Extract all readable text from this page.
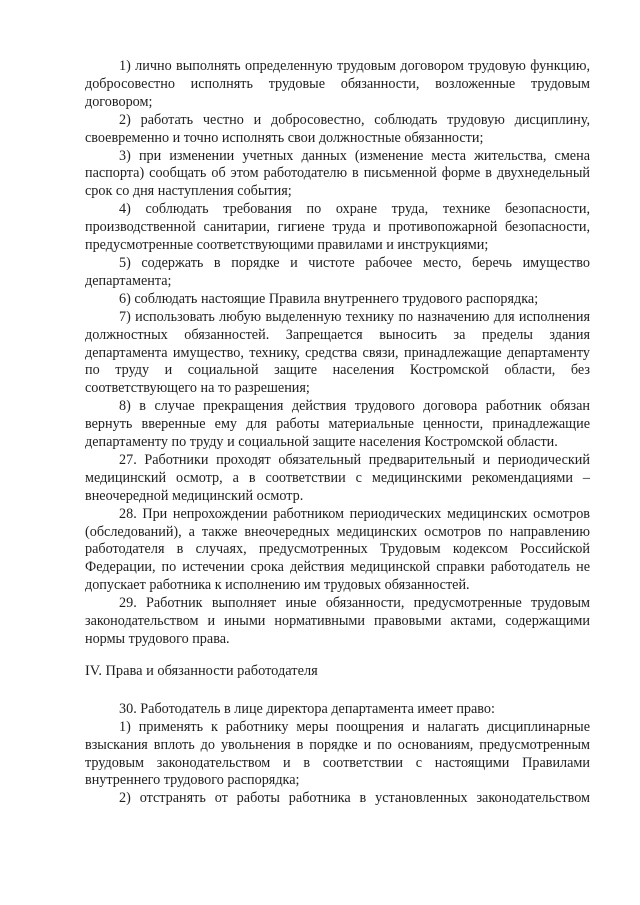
1) лично выполнять определенную трудовым договором трудовую функцию, добросовестно исполнять трудовые обязанности, возложенные трудовым договором;

2) работать честно и добросовестно, соблюдать трудовую дисциплину, своевременно и точно исполнять свои должностные обязанности;

3) при изменении учетных данных (изменение места жительства, смена паспорта) сообщать об этом работодателю в письменной форме в двухнедельный срок со дня наступления события;

4) соблюдать требования по охране труда, технике безопасности, производственной санитарии, гигиене труда и противопожарной безопасности, предусмотренные соответствующими правилами и инструкциями;

5) содержать в порядке и чистоте рабочее место, беречь имущество департамента;

6) соблюдать настоящие Правила внутреннего трудового распорядка;

7) использовать любую выделенную технику по назначению для исполнения должностных обязанностей. Запрещается выносить за пределы здания департамента имущество, технику, средства связи, принадлежащие департаменту по труду и социальной защите населения Костромской области, без соответствующего на то разрешения;

8) в случае прекращения действия трудового договора работник обязан вернуть вверенные ему для работы материальные ценности, принадлежащие департаменту по труду и социальной защите населения Костромской области.

27. Работники проходят обязательный предварительный и периодический медицинский осмотр, а в соответствии с медицинскими рекомендациями – внеочередной медицинский осмотр.

28. При непрохождении работником периодических медицинских осмотров (обследований), а также внеочередных медицинских осмотров по направлению работодателя в случаях, предусмотренных Трудовым кодексом Российской Федерации, по истечении срока действия медицинской справки работодатель не допускает работника к исполнению им трудовых обязанностей.

29. Работник выполняет иные обязанности, предусмотренные трудовым законодательством и иными нормативными правовыми актами, содержащими нормы трудового права.

IV. Права и обязанности работодателя

30. Работодатель в лице директора департамента имеет право:

1) применять к работнику меры поощрения и налагать дисциплинарные взыскания вплоть до увольнения в порядке и по основаниям, предусмотренным трудовым законодательством и в соответствии с настоящими Правилами внутреннего трудового распорядка;

2) отстранять от работы работника в установленных законодательством
